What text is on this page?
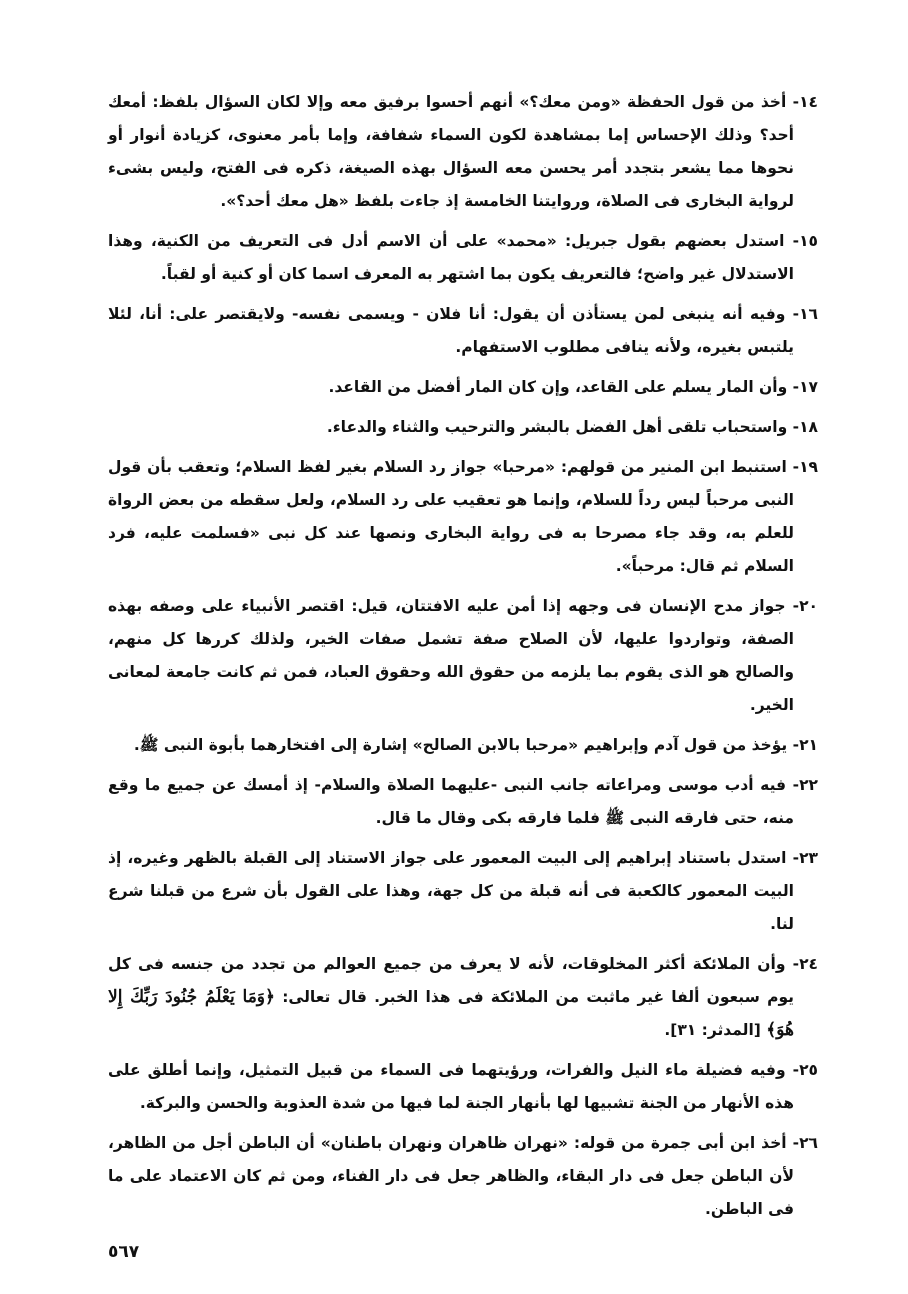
١٤- أخذ من قول الحفظة «ومن معك؟» أنهم أحسوا برفيق معه وإلا لكان السؤال بلفظ: أمعك أحد؟ وذلك الإحساس إما بمشاهدة لكون السماء شفافة، وإما بأمر معنوى، كزيادة أنوار أو نحوها مما يشعر بتجدد أمر يحسن معه السؤال بهذه الصيغة، ذكره فى الفتح، وليس بشىء لرواية البخارى فى الصلاة، وروايتنا الخامسة إذ جاءت بلفظ «هل معك أحد؟».

١٥- استدل بعضهم بقول جبريل: «محمد» على أن الاسم أدل فى التعريف من الكنية، وهذا الاستدلال غير واضح؛ فالتعريف يكون بما اشتهر به المعرف اسما كان أو كنية أو لقباً.

١٦- وفيه أنه ينبغى لمن يستأذن أن يقول: أنا فلان - ويسمى نفسه- ولايقتصر على: أنا، لئلا يلتبس بغيره، ولأنه ينافى مطلوب الاستفهام.

١٧- وأن المار يسلم على القاعد، وإن كان المار أفضل من القاعد.

١٨- واستحباب تلقى أهل الفضل بالبشر والترحيب والثناء والدعاء.

١٩- استنبط ابن المنير من قولهم: «مرحبا» جواز رد السلام بغير لفظ السلام؛ وتعقب بأن قول النبى مرحباً ليس رداً للسلام، وإنما هو تعقيب على رد السلام، ولعل سقطه من بعض الرواة للعلم به، وقد جاء مصرحا به فى رواية البخارى ونصها عند كل نبى «فسلمت عليه، فرد السلام ثم قال: مرحباً».

٢٠- جواز مدح الإنسان فى وجهه إذا أمن عليه الافتتان، قيل: اقتصر الأنبياء على وصفه بهذه الصفة، وتواردوا عليها، لأن الصلاح صفة تشمل صفات الخير، ولذلك كررها كل منهم، والصالح هو الذى يقوم بما يلزمه من حقوق الله وحقوق العباد، فمن ثم كانت جامعة لمعانى الخير.

٢١- يؤخذ من قول آدم وإبراهيم «مرحبا بالابن الصالح» إشارة إلى افتخارهما بأبوة النبى ﷺ.

٢٢- فيه أدب موسى ومراعاته جانب النبى -عليهما الصلاة والسلام- إذ أمسك عن جميع ما وقع منه، حتى فارقه النبى ﷺ فلما فارقه بكى وقال ما قال.

٢٣- استدل باستناد إبراهيم إلى البيت المعمور على جواز الاستناد إلى القبلة بالظهر وغيره، إذ البيت المعمور كالكعبة فى أنه قبلة من كل جهة، وهذا على القول بأن شرع من قبلنا شرع لنا.

٢٤- وأن الملائكة أكثر المخلوقات، لأنه لا يعرف من جميع العوالم من تجدد من جنسه فى كل يوم سبعون ألفا غير ماثبت من الملائكة فى هذا الخبر. قال تعالى: ﴿وَمَا يَعْلَمُ جُنُودَ رَبِّكَ إِلا هُوَ﴾ [المدثر: ٣١].

٢٥- وفيه فضيلة ماء النيل والفرات، ورؤيتهما فى السماء من قبيل التمثيل، وإنما أطلق على هذه الأنهار من الجنة تشبيها لها بأنهار الجنة لما فيها من شدة العذوبة والحسن والبركة.

٢٦- أخذ ابن أبى جمرة من قوله: «نهران ظاهران ونهران باطنان» أن الباطن أجل من الظاهر، لأن الباطن جعل فى دار البقاء، والظاهر جعل فى دار الفناء، ومن ثم كان الاعتماد على ما فى الباطن.

٥٦٧
